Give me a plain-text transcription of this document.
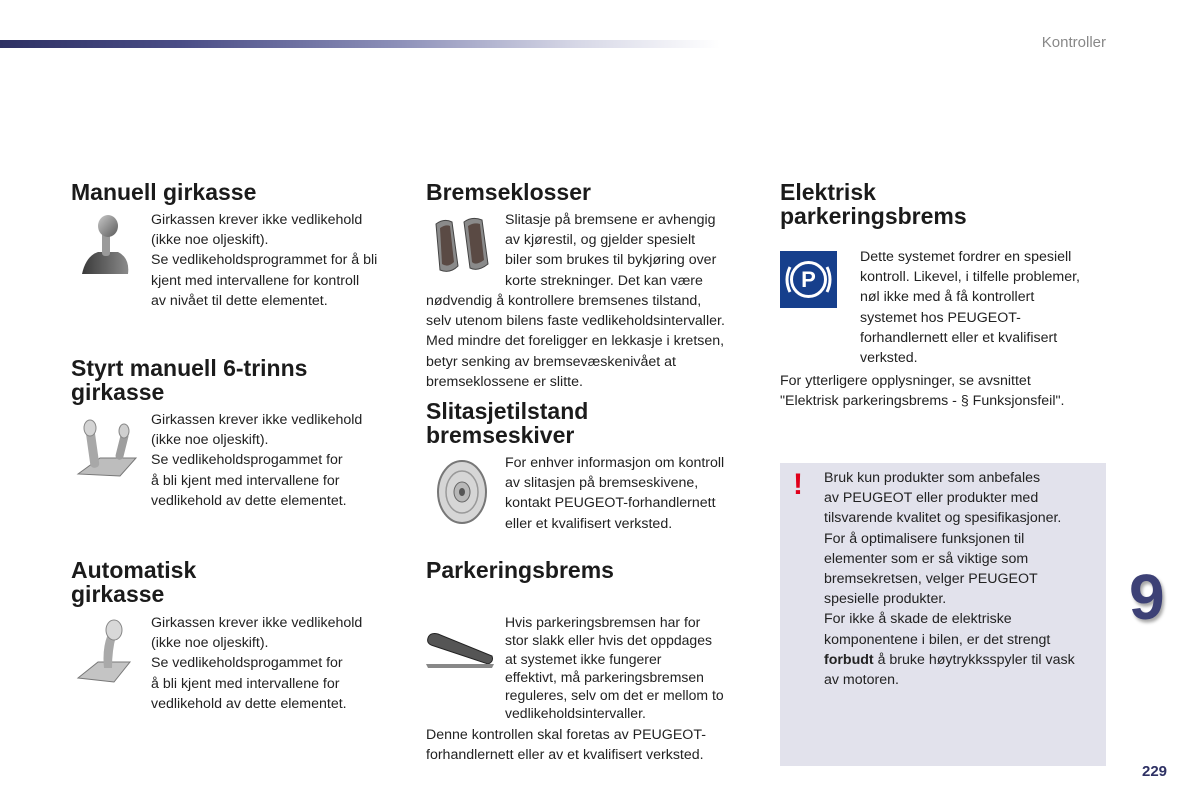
Kontroller
Manuell girkasse

Girkassen krever ikke vedlikehold

(ikke noe oljeskift).

Se vedlikeholdsprogrammet for å bli

kjent med intervallene for kontroll

av nivået til dette elementet.

Styrt manuell 6-trinns
girkasse

Girkassen krever ikke vedlikehold

(ikke noe oljeskift).

Se vedlikeholdsprogammet for

å bli kjent med intervallene for

vedlikehold av dette elementet.

Automatisk
girkasse

Girkassen krever ikke vedlikehold

(ikke noe oljeskift).

Se vedlikeholdsprogammet for

å bli kjent med intervallene for

vedlikehold av dette elementet.

Bremseklosser

Slitasje på bremsene er avhengig

av kjørestil, og gjelder spesielt

biler som brukes til bykjøring over

korte strekninger. Det kan være

nødvendig å kontrollere bremsenes tilstand,

selv utenom bilens faste vedlikeholdsintervaller.

Med mindre det foreligger en lekkasje i kretsen,

betyr senking av bremsevæskenivået at

bremseklossene er slitte.

Slitasjetilstand
bremseskiver

For enhver informasjon om kontroll

av slitasjen på bremseskivene,

kontakt PEUGEOT-forhandlernett

eller et kvalifisert verksted.

Parkeringsbrems

Hvis parkeringsbremsen har for

stor slakk eller hvis det oppdages

at systemet ikke fungerer

effektivt, må parkeringsbremsen

reguleres, selv om det er mellom to

vedlikeholdsintervaller.

Denne kontrollen skal foretas av PEUGEOT-

forhandlernett eller av et kvalifisert verksted.

Elektrisk
parkeringsbrems
P

Dette systemet fordrer en spesiell

kontroll. Likevel, i tilfelle problemer,

nøl ikke med å få kontrollert

systemet hos PEUGEOT-

forhandlernett eller et kvalifisert

verksted.

For ytterligere opplysninger, se avsnittet

"Elektrisk parkeringsbrems - § Funksjonsfeil".

! Bruk kun produkter som anbefales

av PEUGEOT eller produkter med

tilsvarende kvalitet og spesifikasjoner.

For å optimalisere funksjonen til

elementer som er så viktige som

bremsekretsen, velger PEUGEOT

spesielle produkter.

For ikke å skade de elektriske

komponentene i bilen, er det strengt

forbudt å bruke høytrykksspyler til vask

av motoren.

9
229
